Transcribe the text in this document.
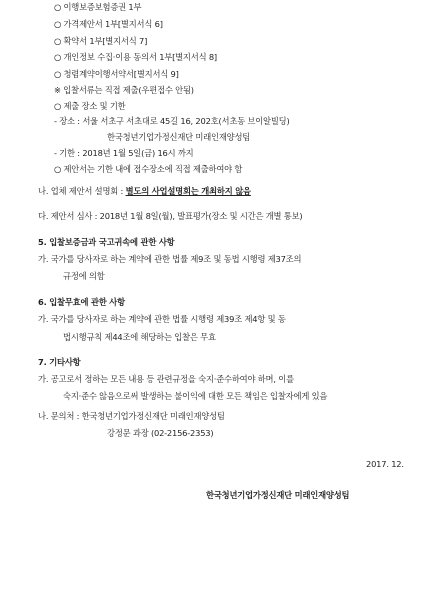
○ 이행보증보험증권 1부
○ 가격제안서 1부[별지서식 6]
○ 확약서 1부[별지서식 7]
○ 개인정보 수집·이용 동의서 1부[별지서식 8]
○ 청렴계약이행서약서[별지서식 9]
※ 입찰서류는 직접 제출(우편접수 안됨)
○ 제출 장소 및 기한
- 장소 : 서울 서초구 서초대로 45길 16, 202호(서초동 브이알빌딩)
한국청년기업가정신재단 미래인재양성팀
- 기한 : 2018년 1월 5일(금) 16시 까지
○ 제안서는 기한 내에 접수장소에 직접 제출하여야 함
나. 업체 제안서 설명회 : 별도의 사업설명회는 개최하지 않음
다. 제안서 심사 : 2018년 1월 8일(월), 발표평가(장소 및 시간은 개별 통보)
5. 입찰보증금과 국고귀속에 관한 사항
가. 국가를 당사자로 하는 계약에 관한 법률 제9조 및 동법 시행령 제37조의
규정에 의함
6. 입찰무효에 관한 사항
가. 국가를 당사자로 하는 계약에 관한 법률 시행령 제39조 제4항 및 동
법시행규칙 제44조에 해당하는 입찰은 무효
7. 기타사항
가. 공고로서 정하는 모든 내용 등 관련규정을 숙지·준수하여야 하며, 이를
숙지·준수 않음으로써 발생하는 불이익에 대한 모든 책임은 입찰자에게 있음
나. 문의처 : 한국청년기업가정신재단 미래인재양성팀
강정문 과장 (02-2156-2353)
2017. 12.
한국청년기업가정신재단 미래인재양성팀
